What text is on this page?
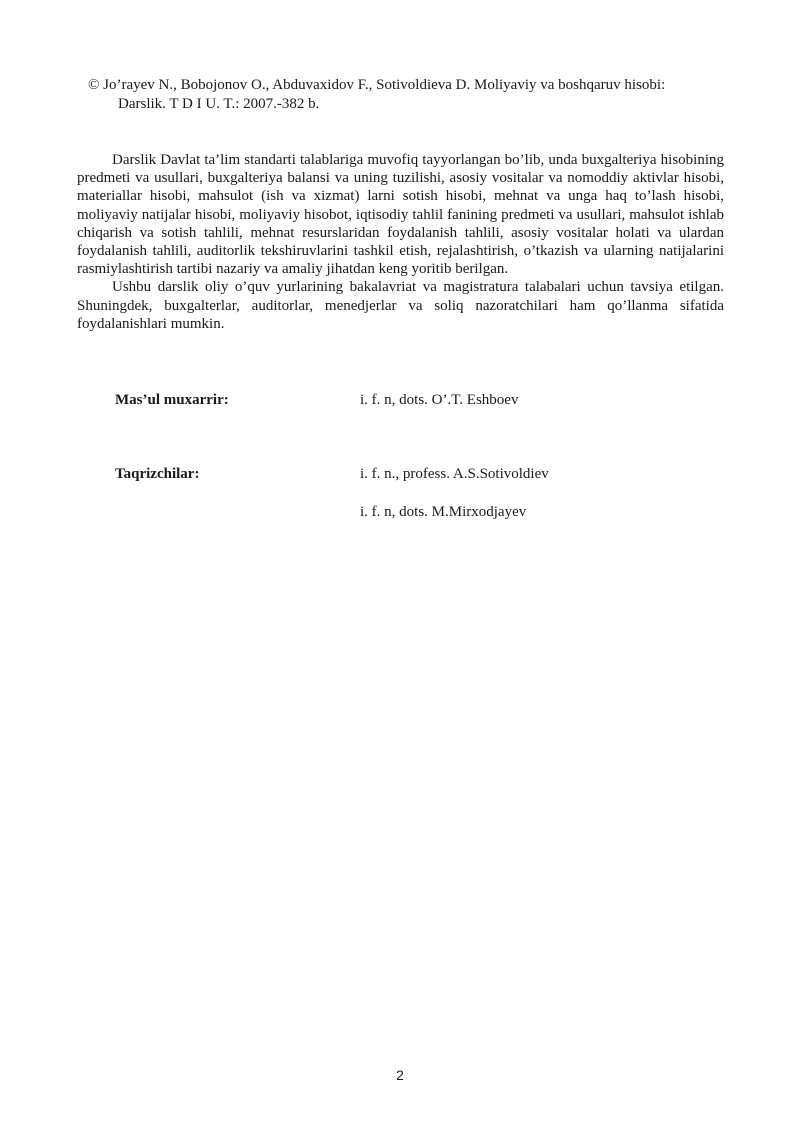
© Jo’rayev N., Bobojonov O., Abduvaxidov F., Sotivoldieva D. Moliyaviy va boshqaruv hisobi:
Darslik. T D I U. T.: 2007.-382 b.

Darslik Davlat ta’lim standarti talablariga muvofiq tayyorlangan bo’lib, unda buxgalteriya hisobining predmeti va usullari, buxgalteriya balansi va uning tuzilishi, asosiy vositalar va nomoddiy aktivlar hisobi, materiallar hisobi, mahsulot (ish va xizmat) larni sotish hisobi, mehnat va unga haq to’lash hisobi, moliyaviy natijalar hisobi, moliyaviy hisobot, iqtisodiy tahlil fanining predmeti va usullari, mahsulot ishlab chiqarish va sotish tahlili, mehnat resurslaridan foydalanish tahlili, asosiy vositalar holati va ulardan foydalanish tahlili, auditorlik tekshiruvlarini tashkil etish, rejalashtirish, o’tkazish va ularning natijalarini rasmiylashtirish tartibi nazariy va amaliy jihatdan keng yoritib berilgan.

Ushbu darslik oliy o’quv yurlarining bakalavriat va magistratura talabalari uchun tavsiya etilgan. Shuningdek, buxgalterlar, auditorlar, menedjerlar va soliq nazoratchilari ham qo’llanma sifatida foydalanishlari mumkin.

Mas’ul muxarrir:	i. f. n, dots. O’.T. Eshboev
Taqrizchilar:	i. f. n., profess. A.S.Sotivoldiev
i. f. n, dots. M.Mirxodjayev
2
